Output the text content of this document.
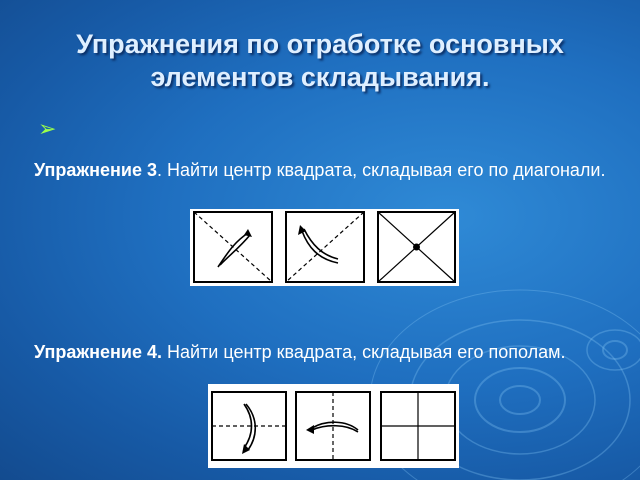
Упражнения по отработке основных
элементов складывания.
➢
Упражнение 3. Найти центр квадрата, складывая его по диагонали.
Упражнение 4. Найти центр квадрата, складывая его пополам.
